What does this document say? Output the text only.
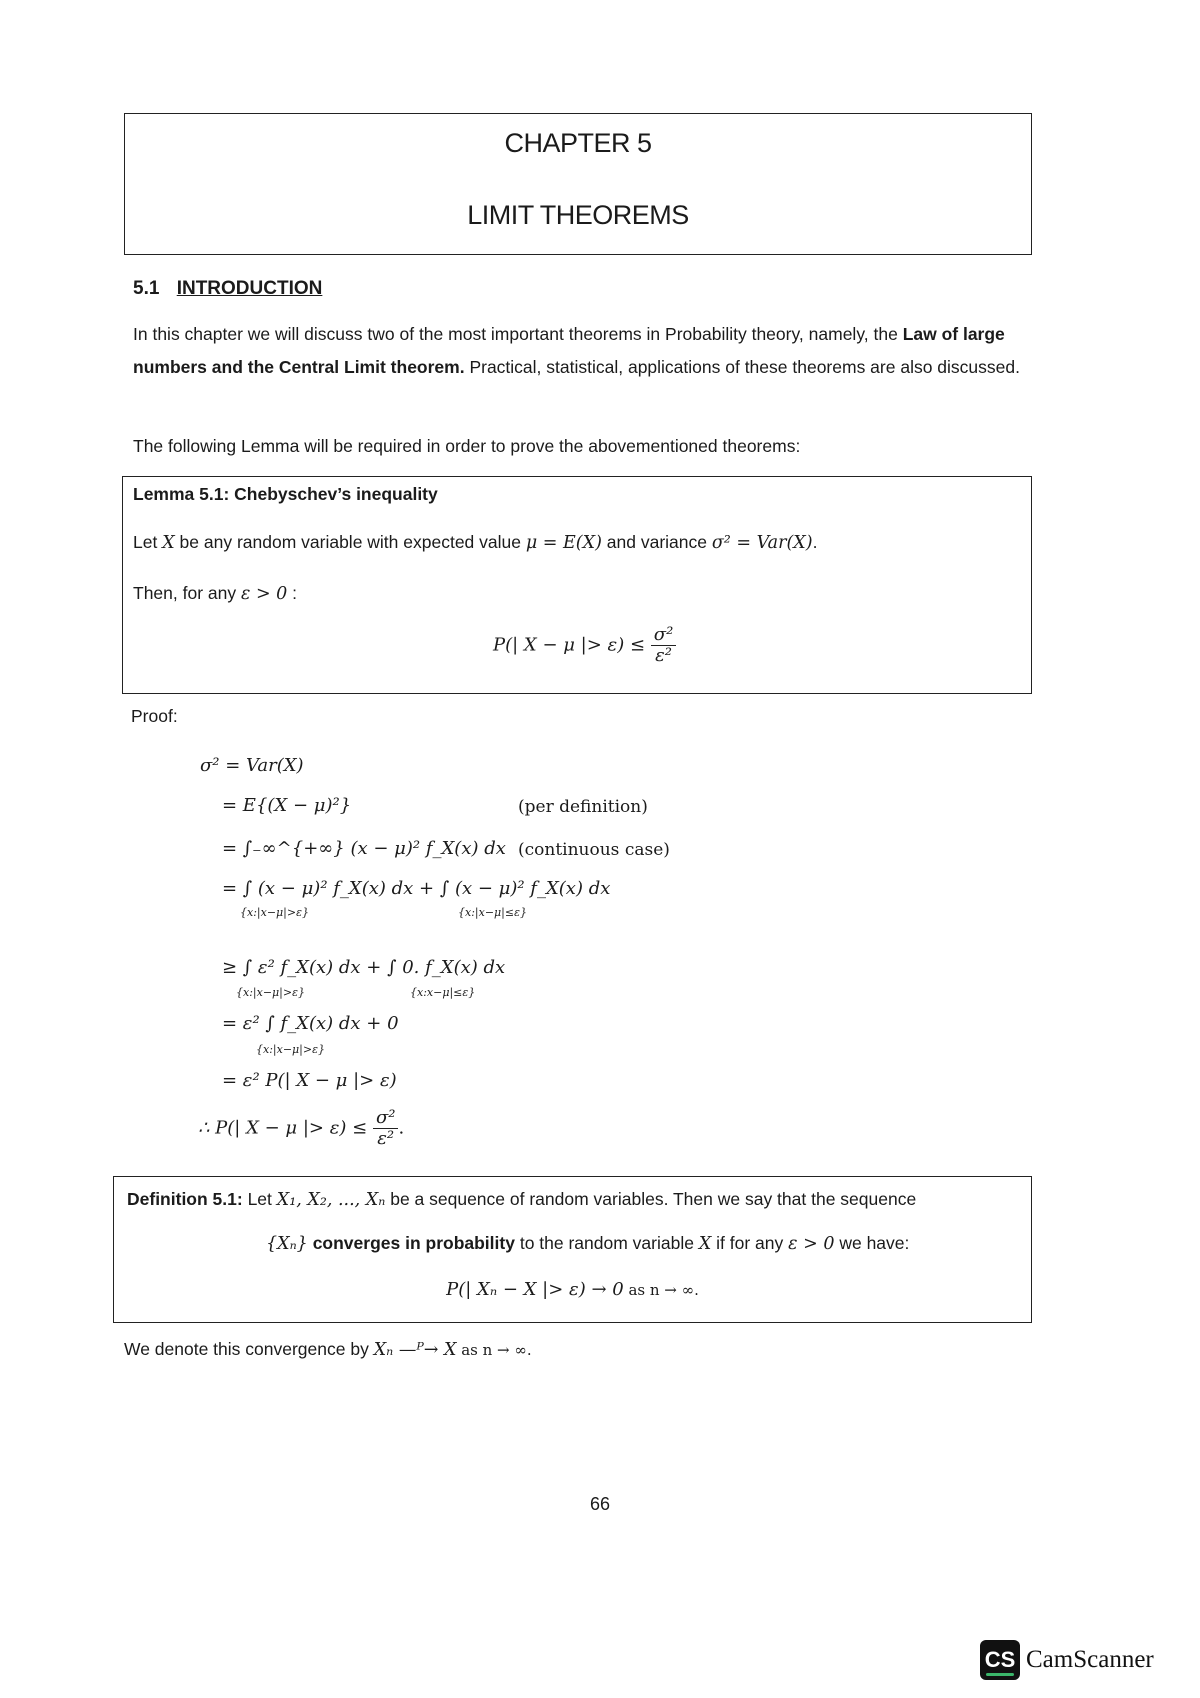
CHAPTER 5
LIMIT THEOREMS
5.1 INTRODUCTION
In this chapter we will discuss two of the most important theorems in Probability theory, namely, the Law of large numbers and the Central Limit theorem. Practical, statistical, applications of these theorems are also discussed.
The following Lemma will be required in order to prove the abovementioned theorems:
Lemma 5.1: Chebyschev’s inequality
Let X be any random variable with expected value μ = E(X) and variance σ² = Var(X).
Then, for any ε > 0 :
P(| X − μ |> $\varepsilon) \le \frac{\text{σ²}}{\text{ε²}}$
Proof:
σ² = Var(X)
= E{(X − μ)²}	(per definition)
= ∫₋∞^{+∞} (x − μ)² f_X(x) dx (continuous case)
= ∫ (x − μ)² f_X(x) dx + ∫ (x − μ)² f_X(x) dx
{x:|x−μ|>ε}	{x:|x−μ|≤ε}
≥ ∫ ε² f_X(x) dx + ∫ 0. f_X(x) dx
{x:|x−μ|>ε}	{x:x−μ|≤ε}
= ε² ∫ f_X(x) dx + 0
{x:|x−μ|>ε}
= ε² P(| X − μ |> ε)
∴ P(| X − μ |> $\varepsilon) \le \frac{\text{σ²}}{\text{ε²}}$ .
Definition 5.1: Let X₁, X₂, ..., Xₙ be a sequence of random variables. Then we say that the sequence
{Xₙ} converges in probability to the random variable X if for any ε > 0 we have:
P(| Xₙ − X |> ε) → 0 as n → ∞.
We denote this convergence by Xₙ —ᴾ→ X as n → ∞.
66
CS CamScanner
